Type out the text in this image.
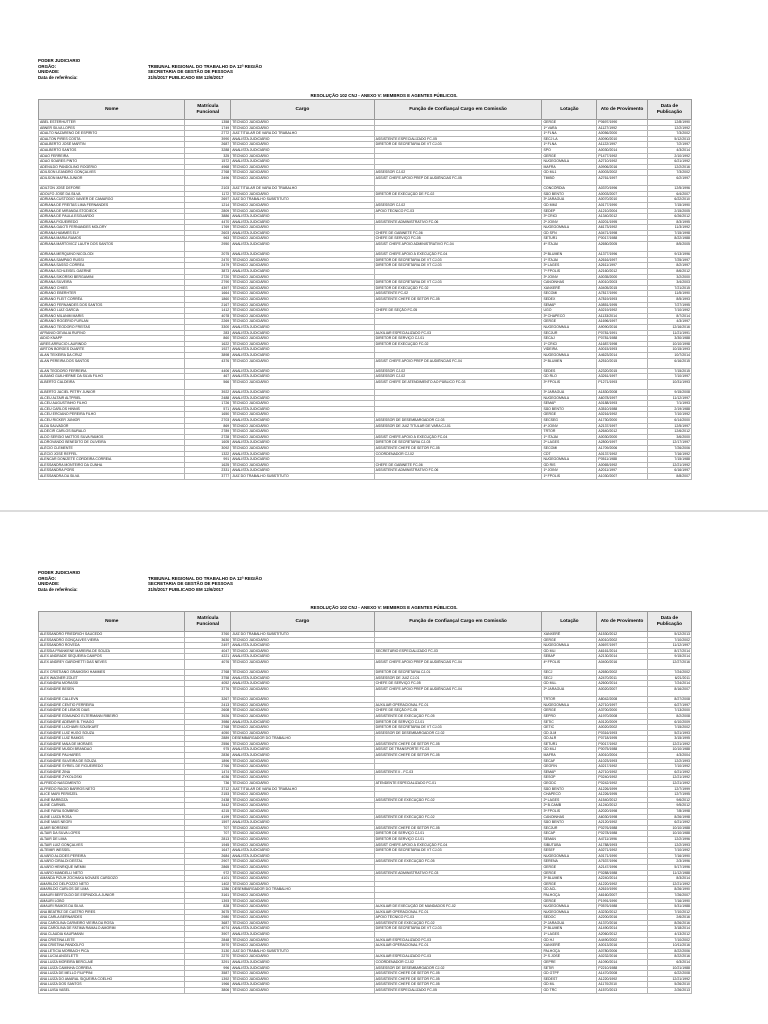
PODER JUDICIARIO
ORGÃO:	TRIBUNAL REGIONAL DO TRABALHO DA 12ª REGIÃO
UNIDADE:	SECRETARIA DE GESTÃO DE PESSOAS
Data de referência:	31/5/2017 PUBLICADO EM 12/6/2017
RESOLUÇÃO 102 CNJ - ANEXO V: MEMBROS E AGENTES PÚBLICOS.
Nome	Matrícula Funcional	Cargo	Função de Confiança/ Cargo em Comissão	Lotação	Ato de Provimento	Data de Publicação
ABEL ESTERHUTTER	1358	TÉCNICO JUDICIÁRIO		GERGE	P0697/1990	12/8/1990
ABNER SILVA LOPES	1749	TÉCNICO JUDICIÁRIO		1ª VARA	A1127/1992	12/2/1992
ADALTO NAZARENO DE ESPÍRITO	2772	JUIZ TITULAR DE VARA DO TRABALHO		1ª FLNA	A0056/2000	7/3/2002
ADALTON PIRES COSTA	3990	ANALISTA JUDICIÁRIO	ASSISTENTE ESPECIALIZADO FC-05	SECJ LA	A0090/2010	5/12/2013
ADALBERTO JOSÉ MARTIN	2687	TÉCNICO JUDICIÁRIO	DIRETOR DE SECRETARIA DE VT CJ-03	1ª FLNA	A1122/1997	7/2/1997
ADALBERTO SANTOS	3288	ANALISTA JUDICIÁRIO		SPO	A0030/2014	4/3/2014
ADAO FERREIRA	325	TÉCNICO JUDICIÁRIO		GERGE	P1477/1992	2/10/1992
ADAO SOARES PINTO	1572	ANALISTA JUDICIÁRIO		NUGEGOMMLA	A2710/1992	6/21/1992
ADENILDO PANDOLINO ROGÉRIO	4968	TÉCNICO JUDICIÁRIO		MAFRA	A0906/2016	12/2/2016
ADILSON LEANDRO GONÇALVES	2768	TÉCNICO JUDICIÁRIO	ASSESSOR CJ-02	GD ML1	A0003/2002	7/3/2002
ADILSON MAFRA JUNIOR	2496	TÉCNICO JUDICIÁRIO	ASSIST CHEFE APOIO PREP DE AUDIÊNCIAS FC-05	TIMBÓ	A2761/1997	6/2/1997
ADILTON JOSÉ DEFORE	2103	JUIZ TITULAR DE VARA DO TRABALHO		CONCÓRDIA	A0370/1996	12/5/1996
ADOLFO JOSÉ DA SILVA	1172	TÉCNICO JUDICIÁRIO	DIRETOR DE EXECUÇÃO DE FC-02	SÃO BENTO	A0003/2007	6/4/2007
ADRIANA CUSTODIO XAVIER DE CAMARGO	2697	JUIZ DO TRABALHO SUBSTITUTO		3ª JARAGUÁ	A0070/2010	6/22/2010
ADRIANA DE FREITAS LIMA FERNANDES	1214	TÉCNICO JUDICIÁRIO	ASSESSOR CJ-02	GD MMJ	A0177/1990	7/15/1990
ADRIANA DE MIRANDA STODIECK	2809	TÉCNICO JUDICIÁRIO	APOIO TÉCNICO FC-03	SEDEP	A1210/2004	2/15/2005
ADRIANA DE PAULA ESGUARDO	3886	ANALISTA JUDICIÁRIO		3ª CRICI	A1340/2012	6/26/2012
ADRIANA FIGUEIREDO	4470	ANALISTA JUDICIÁRIO	ASSISTENTE ADMINISTRATIVO FC-06	2ª JOINV	A0201/1995	8/3/1995
ADRIANA GAIOTI FERNANDES MOLDRY	1769	TÉCNICO JUDICIÁRIO		NUGEGOMMLA	A6173/1992	11/3/1992
ADRIANA HAMMES ELY	2603	ANALISTA JUDICIÁRIO	CHEFE DE GABINETE FC-06	GD SFN	A0471/1998	7/15/1998
ADRIANA MARIA RAMOS	963	TÉCNICO JUDICIÁRIO	CHEFE DE SERVIÇO FC-05	SETUR1	P0017/1988	8/22/1988
ADRIANA MARTOVICZ LAUTH DOS SANTOS	2950	ANALISTA JUDICIÁRIO	ASSIST CHEFE APOIO ADMINISTRATIVO FC-04	4ª ITAJAI	A2650/2005	8/5/2005
ADRIANA MERQUINO NICOLODI	2075	ANALISTA JUDICIÁRIO	ASSIST CHEFE APOIO À EXECUÇÃO FC-04	2ª BLUMEN	A1377/1996	9/13/1996
ADRIANA SAMPAIO RUSSI	2470	TÉCNICO JUDICIÁRIO	DIRETOR DE SECRETARIA DE VT CJ-03	1ª ITAJAI	A2616/1997	7/25/1997
ADRIANA SASSO CORREA	2479	TÉCNICO JUDICIÁRIO	DIRETOR DE SECRETARIA DE VT CJ-03	3ª LAGES	A2611/1997	8/2/1997
ADRIANA SCHLEISEL GAERNE	3873	ANALISTA JUDICIÁRIO		7ª FPOLIS	A2160/2012	8/6/2012
ADRIANA SIKORSKI BERGAMINI	2720	TÉCNICO JUDICIÁRIO		3ª JOINV	A0035/2000	3/2/2000
ADRIANA SILVEIRA	2790	TÉCNICO JUDICIÁRIO	DIRETOR DE SECRETARIA DE VT CJ-03	CANOINHAS	A0010/2003	3/4/2003
ADRIANO CHIES	4397	TÉCNICO JUDICIÁRIO	DIRETOR DE EXECUÇÃO FC-02	XANXERÊ	A0405/2015	7/21/2015
ADRIANO EBERHTER	1664	TÉCNICO JUDICIÁRIO	ASSISTENTE FC-02	SECOMI	A7817/1990	11/5/1990
ADRIANO FLEIT CORRÊA	1860	TÉCNICO JUDICIÁRIO	ASSISTENTE CHEFE DE SETOR FC-05	SEDEX	A7819/1993	8/5/1993
ADRIANO FERNANDES DOS SANTOS	2167	TÉCNICO JUDICIÁRIO		SEMAP	A0851/1995	7/27/1995
ADRIANO LUIZ GARCIA	1412	TÉCNICO JUDICIÁRIO	CHEFE DE SEÇÃO FC-05	UGO	A0219/1992	7/10/1992
ADRIANO MILANIM MARIS	4078	TÉCNICO JUDICIÁRIO		3ª CHAPECÓ	A1133/2014	8/7/2014
ADRIANO ROGÉRIO FURLAN	2269	TÉCNICO JUDICIÁRIO		GERGE	A1696/1997	4/3/1997
ADRIANO TEODORO FREITAS	3300	ANALISTA JUDICIÁRIO		NUGEGOMMLA	A9090/2016	12/16/2016
AFRANIO GEVALIA RUFINO	283	ANALISTA JUDICIÁRIO	AUXILIAR ESPECIALIZADO FC-03	SECJUR	P0781/1991	11/21/1991
AIDIO KNAPP	860	TÉCNICO JUDICIÁRIO	DIRETOR DE SERVIÇO CJ-01	SECAJ	P0781/1988	3/30/1988
AIRES ARRUCIO LAURINDO	1622	TÉCNICO JUDICIÁRIO	DIRETOR DE EXECUÇÃO FC-02	1ª CRICI	A1687/1998	10/10/1998
AIRTON BORGES DUARTE	1927	ANALISTA JUDICIÁRIO		VIDEIRA	A0015/1993	10/15/1993
ALAN TEIXEIRA DA CRUZ	3898	ANALISTA JUDICIÁRIO		NUGEGOMMLA	A4623/2014	10/7/2014
ALAN PEREIRA DOS SANTOS	4376	TÉCNICO JUDICIÁRIO	ASSIST CHEFE APOIO PREP DE AUDIÊNCIAS FC-04	2ª BLUMEN	A2510/2015	6/16/2015
ALAN TEODORO FERREIRA	4406	ANALISTA JUDICIÁRIO	ASSESSOR CJ-02	SEDES	A2320/2015	7/15/2015
ALBANO GUILHERME DA SILVA FILHO	467	ANALISTA JUDICIÁRIO	ASSESSOR CJ-02	GD RLO	A3261/1997	7/10/1997
ALBERTO CALDEIRA	566	TÉCNICO JUDICIÁRIO	ASSIST CHEFE DE ATENDIMENTO AO PÚBLICO FC-03	3ª FPOLIS	P1271/1993	10/31/1993
ALBERTO JACIEL PETRY JUNIOR	3922	ANALISTA JUDICIÁRIO		3ª JARAGUÁ	A1830/2008	9/15/2008
ALCEU ALTAIR ALTPRIEL	2488	ANALISTA JUDICIÁRIO		NUGEGOMMLA	A6078/1997	11/12/1997
ALCEU AUGUSTINHO FILHO	1726	TÉCNICO JUDICIÁRIO		SEMAP	A0188/1993	7/1/1993
ALCEU CARLOS HINNIS	571	ANALISTA JUDICIÁRIO		SÃO BENTO	A3510/1988	2/19/1988
ALCEU ERCIANO PEREIRA FILHO	1650	TÉCNICO JUDICIÁRIO		GERGE	A0216/1992	7/10/1992
ALCEU RICKER JUNIOR	2703	ANALISTA JUDICIÁRIO	ASSESSOR DE DESEMBARGADOR CJ-03	SECSEG	A1730/2000	6/14/2000
ALDA SALVADOR	869	TÉCNICO JUDICIÁRIO	ASSESSOR DE JUIZ TITULAR DE VARA CJ-01	4ª JOINV	A2137/1997	12/5/1997
ALDECIR CARLOS BURALO	2789	TÉCNICO JUDICIÁRIO		TRTOR	A2640/2012	12/6/2012
ALDO SERGIO MATTOS SILVA RAMOS	2728	TÉCNICO JUDICIÁRIO	ASSIST CHEFE APOIO À EXECUÇÃO FC-04	1ª ITAJAI	A0030/2000	3/6/2000
ALDROVANDO BENEDITO DE OLIVEIRA	1605	ANALISTA JUDICIÁRIO	DIRETOR DE SECRETARIA CJ-03	2ª LAGES	A2800/1997	12/17/1997
ALÉCIO CLEMENTE	3092	TÉCNICO JUDICIÁRIO	ASSISTENTE CHEFE DE SETOR FC-05	SECOMI	A1709/2006	7/26/2006
ALÉCIO JOSÉ REFFEL	1322	ANALISTA JUDICIÁRIO	COORDENADOR CJ-02	CDT	A0137/1992	7/16/1992
ALENCAR DONIZETE CORDEIRA CORREIA	991	ANALISTA JUDICIÁRIO		NUGEGOMMLA	P0511/1988	7/15/1988
ALESSANDRA MONTEIRO DA CUNHA	1625	TÉCNICO JUDICIÁRIO	CHEFE DE GABINETE FC-06	GD RIS	A0065/1992	12/21/1992
ALESSANDRA PORS	2331	ANALISTA JUDICIÁRIO	ASSISTENTE ADMINISTRATIVO FC-06	1ª JOINV	A2011/1997	6/16/1997
ALESSANDRA DA SILVA	3777	JUIZ DO TRABALHO SUBSTITUTO		1ª FPOLIS	A1030/2007	8/8/2007
PODER JUDICIARIO
ORGÃO:	TRIBUNAL REGIONAL DO TRABALHO DA 12ª REGIÃO
UNIDADE:	SECRETARIA DE GESTÃO DE PESSOAS
Data de referência:	31/5/2017 PUBLICADO EM 12/6/2017
RESOLUÇÃO 102 CNJ - ANEXO V: MEMBROS E AGENTES PÚBLICOS.
Nome	Matrícula Funcional	Cargo	Função de Confiança/ Cargo em Comissão	Lotação	Ato de Provimento	Data de Publicação
ALESSANDRO FRIEDRICH SAUCEDO	3760	JUIZ DO TRABALHO SUBSTITUTO		XANXERÊ	A1530/2012	5/12/2013
ALESSANDRO GONÇALVES VIEIRA	3630	TÉCNICO JUDICIÁRIO		GERGE	A0010/2002	7/10/2002
ALESSANDRO ROVEDA	2497	ANALISTA JUDICIÁRIO		NUGEGOMMLA	A0697/1997	11/12/1997
ALESSIA FRANKENE MAREIRA DE SOUZA	4047	TÉCNICO JUDICIÁRIO	SECRETÁRIO ESPECIALIZADO FC-03	GD MLI	A6161/2014	8/17/2014
ALEX ANDRADE SEQUEIRA CAMPOS	4221	ANALISTA JUDICIÁRIO		SEBAP	A2130/2014	9/15/2014
ALEX ANDREY GAROHETTI DAS NEVES	4076	TÉCNICO JUDICIÁRIO	ASSIST CHEFE APOIO PREP DE AUDIÊNCIAS FC-04	4ª FPOLIS	A0400/2016	12/27/2016
ALEX CRISTIANO GRAMOSKI HAMMES	2768	TÉCNICO JUDICIÁRIO	DIRETOR DE SECRETARIA CJ-01	SECJ	A2650/2002	7/24/2002
ALEX WAGNER ZOLET	3758	ANALISTA JUDICIÁRIO	ASSESSOR DE JUIZ CJ-01	SECJ	A2470/2011	6/21/2011
ALEXANDRA MORASSI	4052	ANALISTA JUDICIÁRIO	CHEFE DE SERVIÇO FC-05	GD MLL	A2600/2014	7/24/2014
ALEXANDRE BESEN	3776	TÉCNICO JUDICIÁRIO	ASSIST CHEFE APOIO PREP DE AUDIÊNCIAS FC-04	2ª JARAGUÁ	A0020/2007	8/16/2007
ALEXANDRE CALLEVN	3267	TÉCNICO JUDICIÁRIO		TRTOR	A8042/2008	8/27/2008
ALEXANDRE CENTIO FERREIRA	2413	TÉCNICO JUDICIÁRIO	AUXILIAR OPERACIONAL FC-01	NUGEGOMMLA	A2710/1997	6/27/1997
ALEXANDRE DE LEMOS DIAS	2608	TÉCNICO JUDICIÁRIO	CHEFE DE SEÇÃO FC-05	GERGE	A3700/2000	7/13/2000
ALEXANDRE EDMUNDO ELTERMANN RIBEIRO	3926	TÉCNICO JUDICIÁRIO	ASSISTENTE DE EXECUÇÃO FC-05	SEPRO	A1970/2008	8/2/2008
ALEXANDRE ADEMIR B. THIAGO	3986	ANALISTA JUDICIÁRIO	DIRETOR DE SERVIÇO CJ-01	SETIC	A0120/2009	6/10/2009
ALEXANDRE LUCHIARI SOUSKART	2768	TÉCNICO JUDICIÁRIO	DIRETOR DE SECRETARIA DE VT CJ-03	GETIC	A0020/2002	7/15/2002
ALEXANDRE LUIZ HUGO SOUZA	4050	TÉCNICO JUDICIÁRIO	ASSESSOR DE DESEMBARGADOR CJ-02	GD JLM	P0316/1993	5/21/1993
ALEXANDRE LUIZ RAMOS	2889	DESEMBARGADOR DO TRABALHO		GD ALR	P0718/1995	3/15/1995
ALEXANDRE MAIA DE MORAES	2556	TÉCNICO JUDICIÁRIO	ASSISTENTE CHEFE DE SETOR FC-05	SETUR1	P0017/1992	12/21/1992
ALEXANDRE MUDDI BRANDAO	975	ANALISTA JUDICIÁRIO	ASSIST DE TRANSPORTE FC-03	GD MLJ	P0075/1988	10/10/1988
ALEXANDRE PALHARES	2836	ANALISTA JUDICIÁRIO	ASSISTENTE CHEFE DE SETOR FC-05	MAFRA	A0010/2004	4/3/2004
ALEXANDRE SILVEIRA DE SOUZA	1896	TÉCNICO JUDICIÁRIO		SECAF	A1023/1993	12/2/1993
ALEXANDRE SYRIEL DE FIGUEIREDO	2766	TÉCNICO JUDICIÁRIO		GEOFIN	A0217/1992	7/10/1992
ALEXANDRE ZINA	1474	TÉCNICO JUDICIÁRIO	ASSISTENTE II - FC-03	SEMAP	A2710/1992	6/21/1992
ALEXANDRE ZYKOLOSKI	4036	TÉCNICO JUDICIÁRIO		SESOP	P0240/1992	12/21/1992
ALFREDO NASCIMENTO	736	TÉCNICO JUDICIÁRIO	ATENDENTE ESPECIALIZADO FC-01	GEGDC	P0242/1992	12/21/1992
ALFREDO RAGIO BARROS NETO	3712	JUIZ TITULAR DE VARA DO TRABALHO		SÃO BENTO	A1226/1999	12/7/1999
ALICE MARI PERISZEL	2153	TÉCNICO JUDICIÁRIO		CHAPECÓ	A1226/1995	12/7/1995
ALINE BARBOZA	2438	TÉCNICO JUDICIÁRIO	ASSISTENTE DE EXECUÇÃO FC-02	2ª LAGES	A1540/2012	9/6/2012
ALINE CARNIEL	3442	TÉCNICO JUDICIÁRIO		2ª B.CAMB	A1240/2012	9/5/2012
ALINE FARIA SOMBRIO	4215	TÉCNICO JUDICIÁRIO		3ª FPOLIS	A2020/1998	7/8/1998
ALINE LUIZA ROSA	4199	TÉCNICO JUDICIÁRIO	ASSISTENTE DE EXECUÇÃO FC-02	CANOINHAS	A6030/1998	8/26/1998
ALINE MAIS NEGRI	1597	ANALISTA JUDICIÁRIO		SÃO BENTO	A2120/1992	6/21/1992
ALMIR BORSEKE	707	TÉCNICO JUDICIÁRIO	ASSISTENTE CHEFE DE SETOR FC-05	SECJUR	P0276/1988	10/10/1988
ALTAIR DA SILVA LOPES	707	TÉCNICO JUDICIÁRIO	DIRETOR DE SERVIÇO CJ-01	SECAP	P0278/1988	10/10/1988
ALTAIR DE LIMA	2813	TÉCNICO JUDICIÁRIO	DIRETOR DE SERVIÇO CJ-01	SEMAN	A4711/1996	12/2/1996
ALTAIR LUIZ GONÇALVES	1945	TÉCNICO JUDICIÁRIO	ASSIST CHEFE APOIO À EXECUÇÃO FC-04	SIBUTÚBA	A1788/1993	12/2/1993
ALTEMIR WESSEL	1647	ANALISTA JUDICIÁRIO	DIRETOR DE SECRETARIA DE VT CJ-03	SESEF	A0271/1992	7/10/1992
ALVARO ALCIDES PEREIRA	2684	ANALISTA JUDICIÁRIO		NUGEGOMMLA	A0171/1990	7/16/1990
ALVARO CIRALDI DESTAL	2907	TÉCNICO JUDICIÁRIO	ASSISTENTE DE EXECUÇÃO FC-05	SERENA	A7637/1996	2/3/1996
ALVARO HENRIQUE WEMM	2865	TÉCNICO JUDICIÁRIO		GERGE	A2147/1996	5/17/1996
ALVARO MANDELLI NETO	972	TÉCNICO JUDICIÁRIO	ASSISTENTE ADMINISTRATIVO FC-03	GERGE	P0288/1988	11/12/1988
AMANDA PIZUH ZOCHAKA NOVAES CARDOZO	4101	TÉCNICO JUDICIÁRIO		3ª BLUMEN	A2240/2014	8/3/2014
AMARILDO DELPOZZO NETO	1402	TÉCNICO JUDICIÁRIO		GERGE	A1220/1992	12/21/1992
AMARILDO CARLOS DE LIMA	1286	DESEMBARGADOR DO TRABALHO		GD ACL	A2619/1990	8/26/1990
AMAURI BERTOLDO DE ESPINDOLA JUNIOR	3161	TÉCNICO JUDICIÁRIO		PALHOÇA	A6160/2007	7/26/2007
AMAURI LOBO	1393	TÉCNICO JUDICIÁRIO		GERGE	P1991/1990	7/16/1990
AMAURI RAMOS DA SILVA	828	TÉCNICO JUDICIÁRIO	AUXILIAR DE EXECUÇÃO DE MANDADOS FC-02	NUGEGOMMLA	P0576/1988	5/31/1988
ANA BEATRIZ DE CASTRO PIRES	3675	TÉCNICO JUDICIÁRIO	AUXILIAR OPERACIONAL FC-01	NUGEGOMMLA	A3230/2012	7/10/2012
ANA CARLA BERNARDES	2980	TÉCNICO JUDICIÁRIO	APOIO TÉCNICO FC-03	SEDOC	A2200/2016	2/6/2016
ANA CAROLINA CARNEIRO VIEIRA DA ROSA	3687	TÉCNICO JUDICIÁRIO	ASSISTENTE DE EXECUÇÃO FC-02	2ª JARAGUÁ	A1370/2016	8/26/2016
ANA CAROLINA DE FATIMA RAMALO AMORIM	4074	ANALISTA JUDICIÁRIO	DIRETOR DE SECRETARIA DE VT CJ-03	2ª BLUMEN	A1490/2014	3/18/2014
ANA CLAUDIA KAUFMANN	3907	ANALISTA JUDICIÁRIO		1ª LAGES	A2060/2012	4/13/2012
ANA CRISTINA LEITE	2848	TÉCNICO JUDICIÁRIO	AUXILIAR ESPECIALIZADO FC-03	GD HJ	A4490/2002	7/10/2002
ANA CRISTINA PANDOLFO	3970	TÉCNICO JUDICIÁRIO	AUXILIAR OPERACIONAL FC-01	XANXERÊ	A0013/2016	10/11/2016
ANA LETICIA MORBACH PICA	3130	JUIZ DO TRABALHO SUBSTITUTO		PALHOÇA	A0780/2006	8/22/2006
ANA LUCIA ANGELETTI	2270	TÉCNICO JUDICIÁRIO	AUXILIAR ESPECIALIZADO FC-03	2ª S.JOSÉ	A0232/2016	8/22/2016
ANA LUIZA MOREIRA BERCLAIE	3291	ANALISTA JUDICIÁRIO	COORDENADOR CJ-02	GEPRE	A1090/2014	6/3/2014
ANA LUIZA CAMINHA CORREIA	996	ANALISTA JUDICIÁRIO	ASSESSOR DE DESEMBARGADOR CJ-02	SETIR	P2210/1988	10/21/1988
ANA LUIZA DE MELLO FILIPPINI	3587	TÉCNICO JUDICIÁRIO	ASSISTENTE CHEFE DE SETOR FC-05	GD GTPF	A1470/2008	6/22/2008
ANA LUIZA DO AMARAL SIQUEIRA COELHO	1392	TÉCNICO JUDICIÁRIO	ASSISTENTE CHEFE DE SETOR FC-05	SEDEST	A1220/1992	12/21/1992
ANA LUIZA DOS SANTOS	1966	ANALISTA JUDICIÁRIO	ASSISTENTE CHEFE DE SETOR FC-05	GD ML	A1170/2010	5/26/2010
ANA LUISA VASEL	3806	TÉCNICO JUDICIÁRIO	ASSISTENTE ESPECIALIZADO FC-05	GD TRC	A1570/2013	2/26/2013
